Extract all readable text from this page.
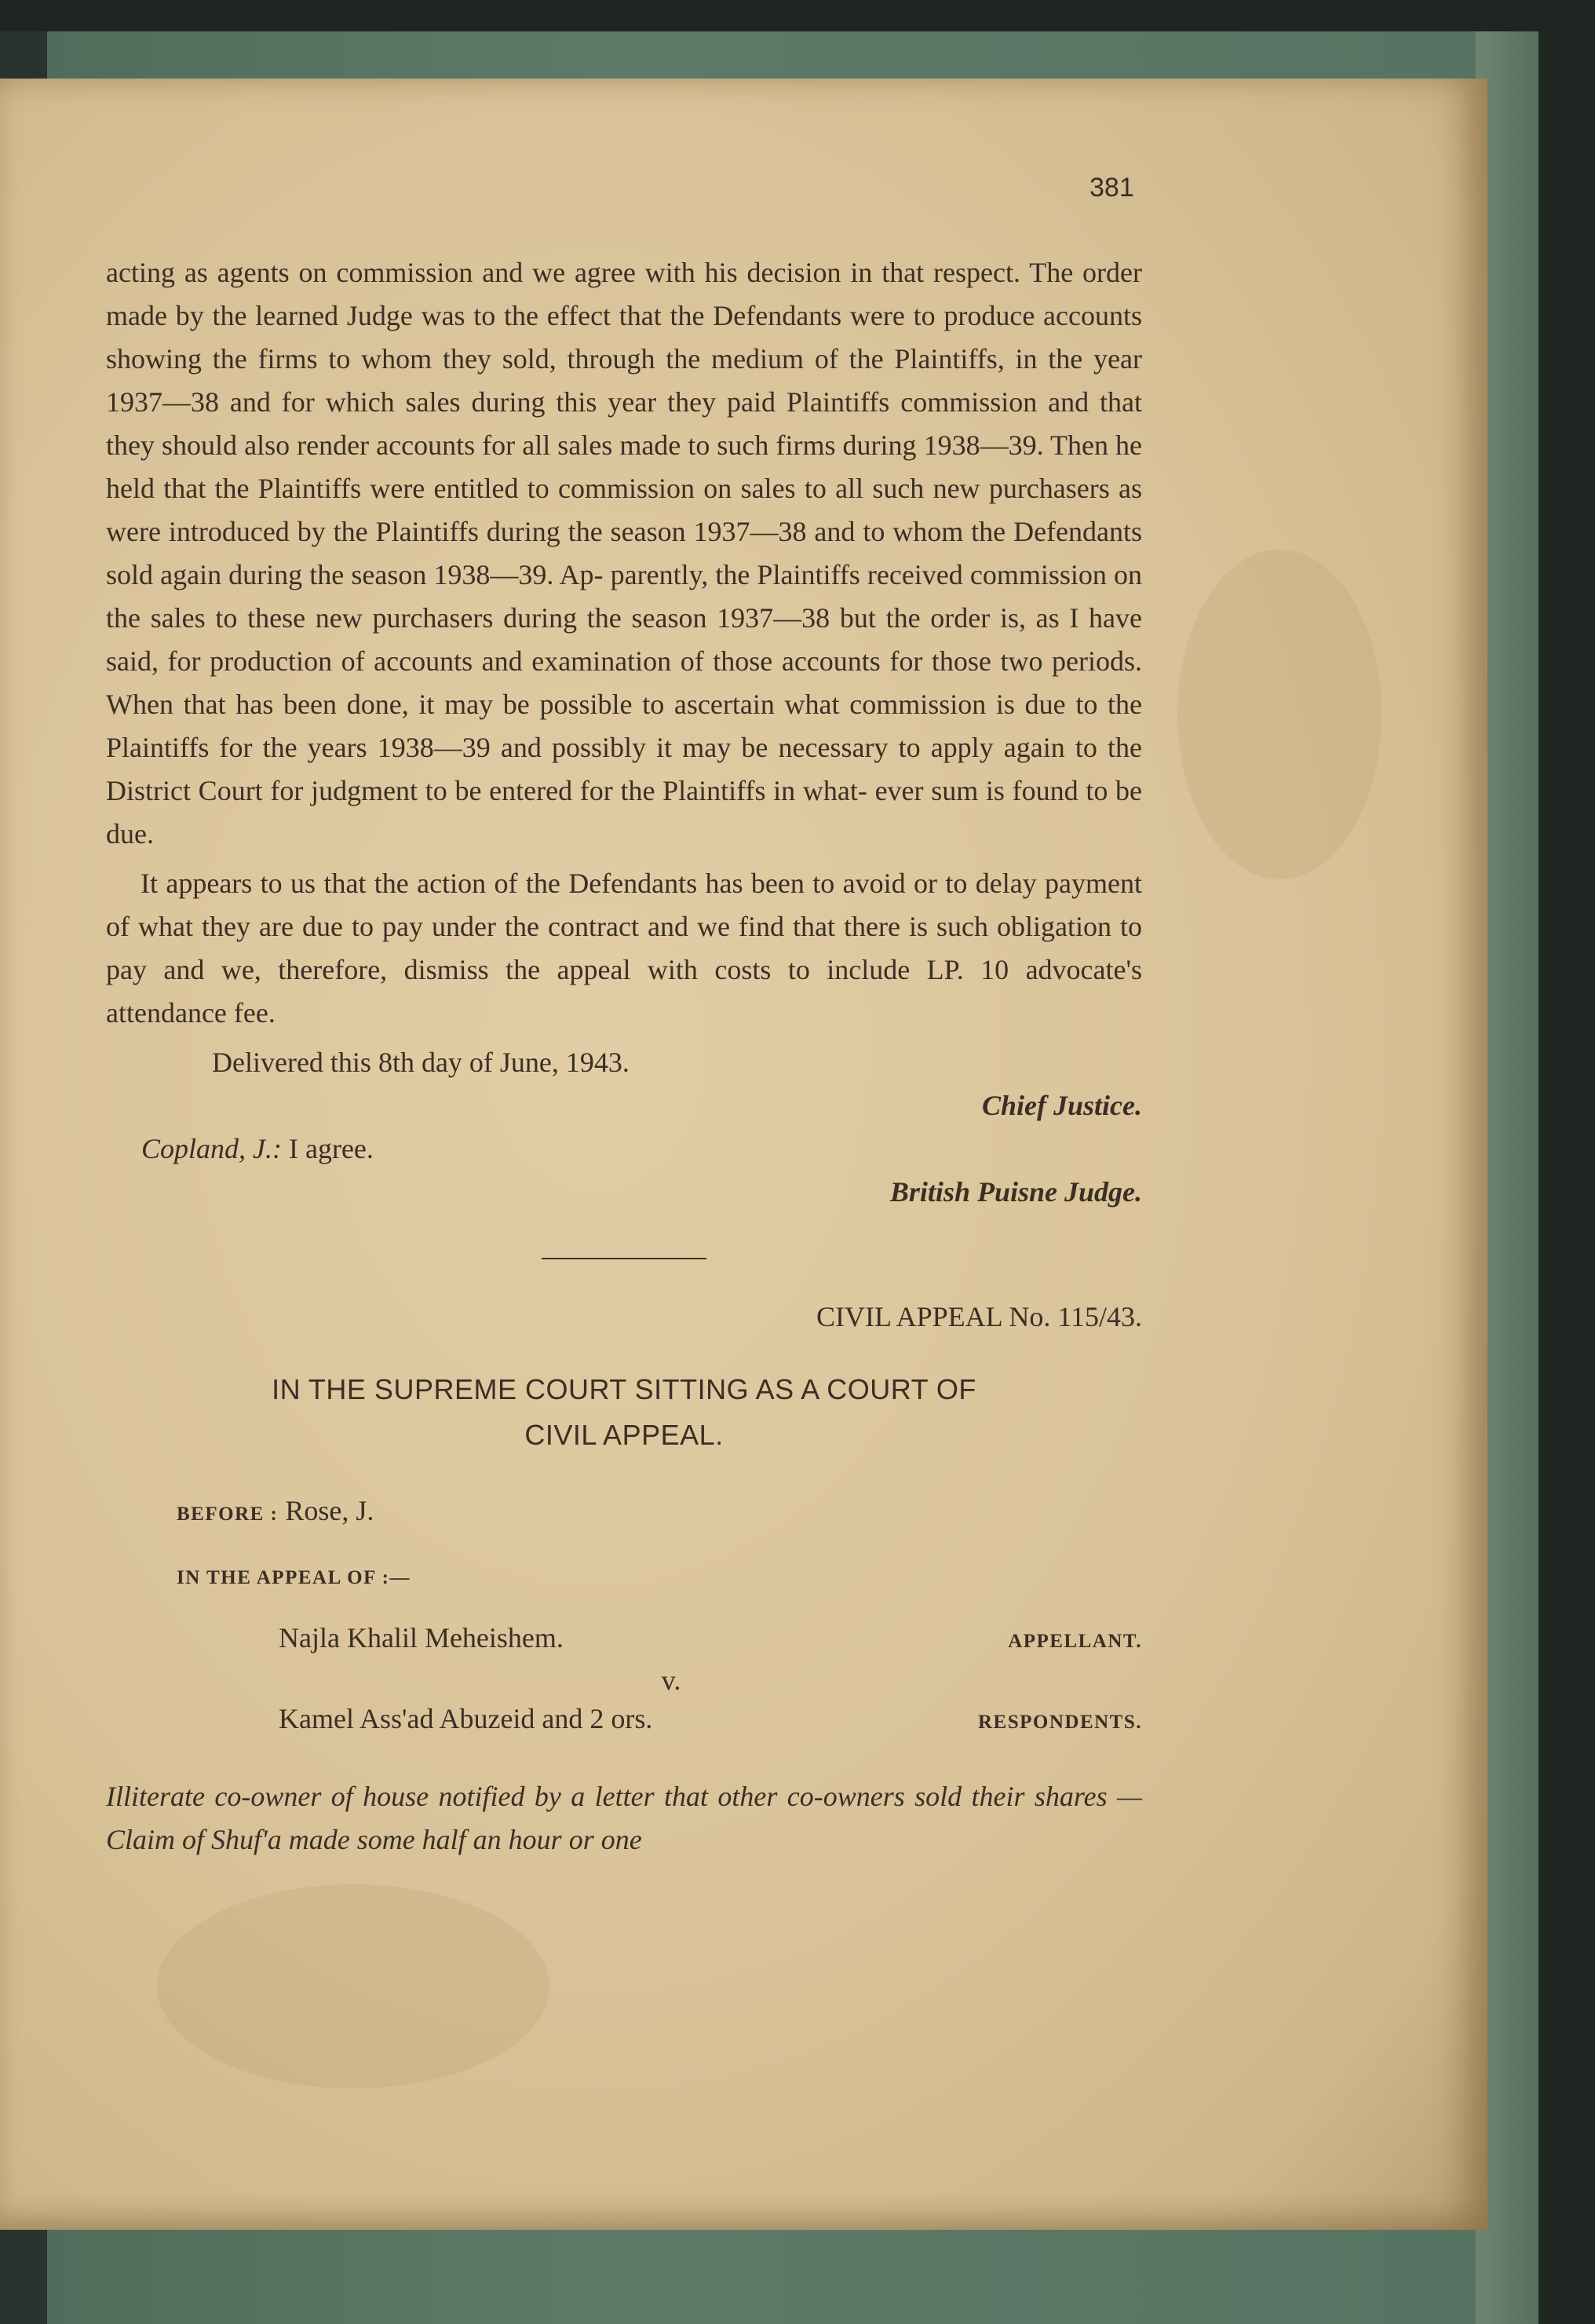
381

acting as agents on commission and we agree with his decision in that respect. The order made by the learned Judge was to the effect that the Defendants were to produce accounts showing the firms to whom they sold, through the medium of the Plaintiffs, in the year 1937—38 and for which sales during this year they paid Plaintiffs commission and that they should also render accounts for all sales made to such firms during 1938—39. Then he held that the Plaintiffs were entitled to commission on sales to all such new purchasers as were introduced by the Plaintiffs during the season 1937—38 and to whom the Defendants sold again during the season 1938—39. Ap- parently, the Plaintiffs received commission on the sales to these new purchasers during the season 1937—38 but the order is, as I have said, for production of accounts and examination of those accounts for those two periods. When that has been done, it may be possible to ascertain what commission is due to the Plaintiffs for the years 1938—39 and possibly it may be necessary to apply again to the District Court for judgment to be entered for the Plaintiffs in what- ever sum is found to be due.

It appears to us that the action of the Defendants has been to avoid or to delay payment of what they are due to pay under the contract and we find that there is such obligation to pay and we, therefore, dismiss the appeal with costs to include LP. 10 advocate's attendance fee.

Delivered this 8th day of June, 1943.
Chief Justice.
Copland, J.: I agree.
British Puisne Judge.
CIVIL APPEAL No. 115/43.
IN THE SUPREME COURT SITTING AS A COURT OF
CIVIL APPEAL.
BEFORE : Rose, J.
IN THE APPEAL OF :—
Najla Khalil Meheishem.	APPELLANT.
v.
Kamel Ass'ad Abuzeid and 2 ors.	RESPONDENTS.

Illiterate co-owner of house notified by a letter that other co-owners sold their shares — Claim of Shuf'a made some half an hour or one
